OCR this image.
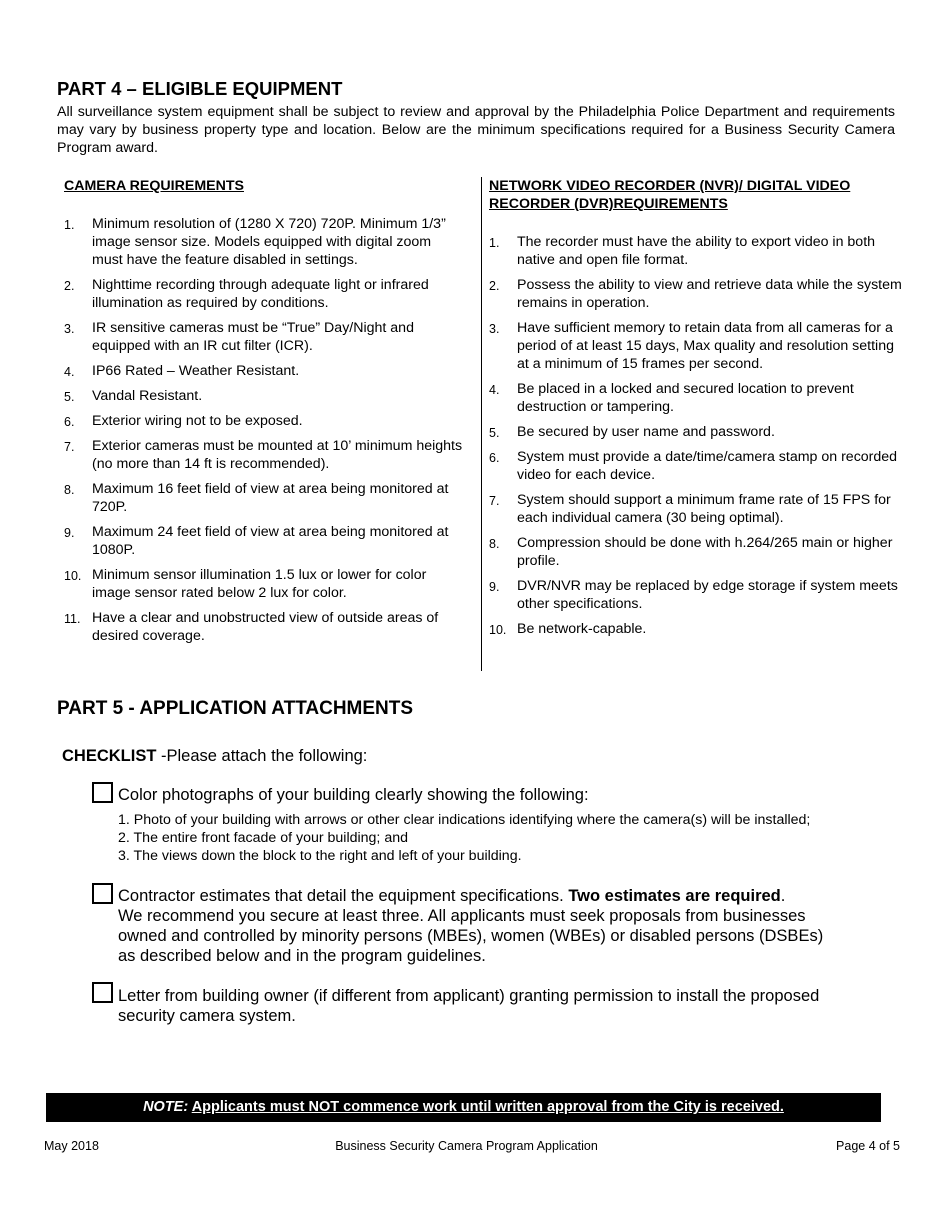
PART 4 – ELIGIBLE EQUIPMENT

All surveillance system equipment shall be subject to review and approval by the Philadelphia Police Department and requirements may vary by business property type and location. Below are the minimum specifications required for a Business Security Camera Program award.

CAMERA REQUIREMENTS

1. Minimum resolution of (1280 X 720) 720P. Minimum 1/3” image sensor size. Models equipped with digital zoom must have the feature disabled in settings.
2. Nighttime recording through adequate light or infrared illumination as required by conditions.
3. IR sensitive cameras must be “True” Day/Night and equipped with an IR cut filter (ICR).
4. IP66 Rated – Weather Resistant.
5. Vandal Resistant.
6. Exterior wiring not to be exposed.
7. Exterior cameras must be mounted at 10’ minimum heights (no more than 14 ft is recommended).
8. Maximum 16 feet field of view at area being monitored at 720P.
9. Maximum 24 feet field of view at area being monitored at 1080P.
10. Minimum sensor illumination 1.5 lux or lower for color image sensor rated below 2 lux for color.
11. Have a clear and unobstructed view of outside areas of desired coverage.

NETWORK VIDEO RECORDER (NVR)/ DIGITAL VIDEO RECORDER (DVR)REQUIREMENTS

1. The recorder must have the ability to export video in both native and open file format.
2. Possess the ability to view and retrieve data while the system remains in operation.
3. Have sufficient memory to retain data from all cameras for a period of at least 15 days, Max quality and resolution setting at a minimum of 15 frames per second.
4. Be placed in a locked and secured location to prevent destruction or tampering.
5. Be secured by user name and password.
6. System must provide a date/time/camera stamp on recorded video for each device.
7. System should support a minimum frame rate of 15 FPS for each individual camera (30 being optimal).
8. Compression should be done with h.264/265 main or higher profile.
9. DVR/NVR may be replaced by edge storage if system meets other specifications.
10. Be network-capable.
PART 5 - APPLICATION ATTACHMENTS

CHECKLIST -Please attach the following:

Color photographs of your building clearly showing the following:

1. Photo of your building with arrows or other clear indications identifying where the camera(s) will be installed;
2. The entire front facade of your building; and
3. The views down the block to the right and left of your building.

Contractor estimates that detail the equipment specifications. Two estimates are required.

We recommend you secure at least three. All applicants must seek proposals from businesses owned and controlled by minority persons (MBEs), women (WBEs) or disabled persons (DSBEs) as described below and in the program guidelines.

Letter from building owner (if different from applicant) granting permission to install the proposed security camera system.

NOTE: Applicants must NOT commence work until written approval from the City is received.
May 2018	Business Security Camera Program Application	Page 4 of 5
